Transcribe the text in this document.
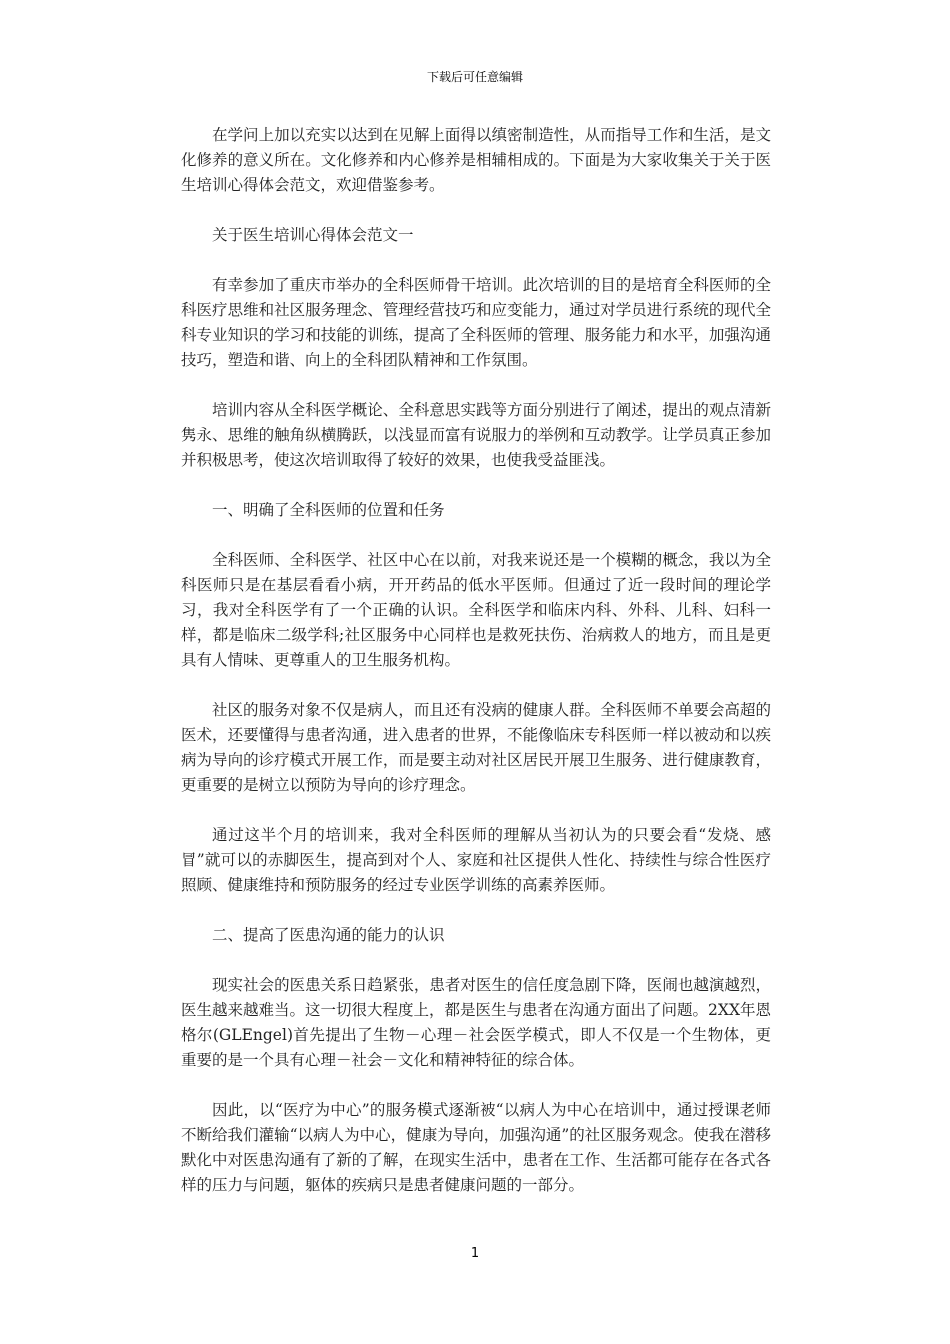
下载后可任意编辑

在学问上加以充实以达到在见解上面得以缜密制造性，从而指导工作和生活，是文化修养的意义所在。文化修养和内心修养是相辅相成的。下面是为大家收集关于关于医生培训心得体会范文，欢迎借鉴参考。

关于医生培训心得体会范文一

有幸参加了重庆市举办的全科医师骨干培训。此次培训的目的是培育全科医师的全科医疗思维和社区服务理念、管理经营技巧和应变能力，通过对学员进行系统的现代全科专业知识的学习和技能的训练，提高了全科医师的管理、服务能力和水平，加强沟通技巧，塑造和谐、向上的全科团队精神和工作氛围。

培训内容从全科医学概论、全科意思实践等方面分别进行了阐述，提出的观点清新隽永、思维的触角纵横腾跃，以浅显而富有说服力的举例和互动教学。让学员真正参加并积极思考，使这次培训取得了较好的效果，也使我受益匪浅。

一、明确了全科医师的位置和任务

全科医师、全科医学、社区中心在以前，对我来说还是一个模糊的概念，我以为全科医师只是在基层看看小病，开开药品的低水平医师。但通过了近一段时间的理论学习，我对全科医学有了一个正确的认识。全科医学和临床内科、外科、儿科、妇科一样，都是临床二级学科;社区服务中心同样也是救死扶伤、治病救人的地方，而且是更具有人情味、更尊重人的卫生服务机构。

社区的服务对象不仅是病人，而且还有没病的健康人群。全科医师不单要会高超的医术，还要懂得与患者沟通，进入患者的世界，不能像临床专科医师一样以被动和以疾病为导向的诊疗模式开展工作，而是要主动对社区居民开展卫生服务、进行健康教育，更重要的是树立以预防为导向的诊疗理念。

通过这半个月的培训来，我对全科医师的理解从当初认为的只要会看“发烧、感冒”就可以的赤脚医生，提高到对个人、家庭和社区提供人性化、持续性与综合性医疗照顾、健康维持和预防服务的经过专业医学训练的高素养医师。

二、提高了医患沟通的能力的认识

现实社会的医患关系日趋紧张，患者对医生的信任度急剧下降，医闹也越演越烈，医生越来越难当。这一切很大程度上，都是医生与患者在沟通方面出了问题。2XX年恩格尔(GLEngel)首先提出了生物－心理－社会医学模式，即人不仅是一个生物体，更重要的是一个具有心理－社会－文化和精神特征的综合体。

因此，以“医疗为中心”的服务模式逐渐被“以病人为中心在培训中，通过授课老师不断给我们灌输“以病人为中心，健康为导向，加强沟通”的社区服务观念。使我在潜移默化中对医患沟通有了新的了解，在现实生活中，患者在工作、生活都可能存在各式各样的压力与问题，躯体的疾病只是患者健康问题的一部分。

1
